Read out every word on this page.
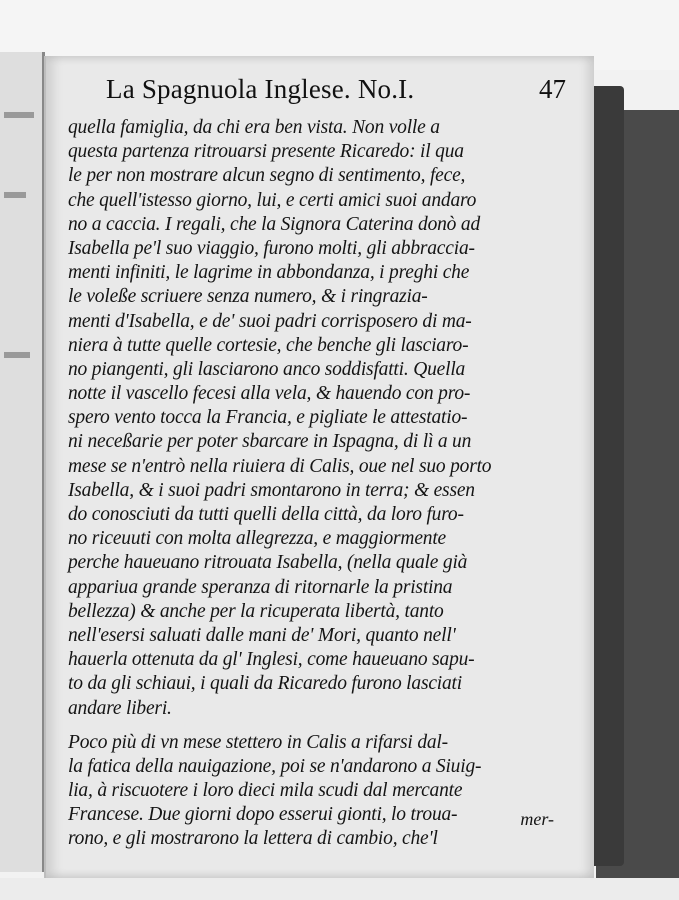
La Spagnuola Inglese. No.I.	47
quella famiglia, da chi era ben vista. Non volle a
questa partenza ritrouarsi presente Ricaredo: il qua
le per non mostrare alcun segno di sentimento, fece,
che quell'istesso giorno, lui, e certi amici suoi andaro
no a caccia. I regali, che la Signora Caterina donò ad
Isabella pe'l suo viaggio, furono molti, gli abbraccia-
menti infiniti, le lagrime in abbondanza, i preghi che
le voleße scriuere senza numero, & i ringrazia-
menti d'Isabella, e de' suoi padri corrisposero di ma-
niera à tutte quelle cortesie, che benche gli lasciaro-
no piangenti, gli lasciarono anco soddisfatti. Quella
notte il vascello fecesi alla vela, & hauendo con pro-
spero vento tocca la Francia, e pigliate le attestatio-
ni neceßarie per poter sbarcare in Ispagna, di lì a un
mese se n'entrò nella riuiera di Calis, oue nel suo porto
Isabella, & i suoi padri smontarono in terra; & essen
do conosciuti da tutti quelli della città, da loro furo-
no riceuuti con molta allegrezza, e maggiormente
perche haueuano ritrouata Isabella, (nella quale già
appariua grande speranza di ritornarle la pristina
bellezza) & anche per la ricuperata libertà, tanto
nell'esersi saluati dalle mani de' Mori, quanto nell'
hauerla ottenuta da gl' Inglesi, come haueuano sapu-
to da gli schiaui, i quali da Ricaredo furono lasciati
andare liberi.
Poco più di vn mese stettero in Calis a rifarsi dal-
la fatica della nauigazione, poi se n'andarono a Siuig-
lia, à riscuotere i loro dieci mila scudi dal mercante
Francese. Due giorni dopo esserui gionti, lo troua-
rono, e gli mostrarono la lettera di cambio, che'l
mer-
